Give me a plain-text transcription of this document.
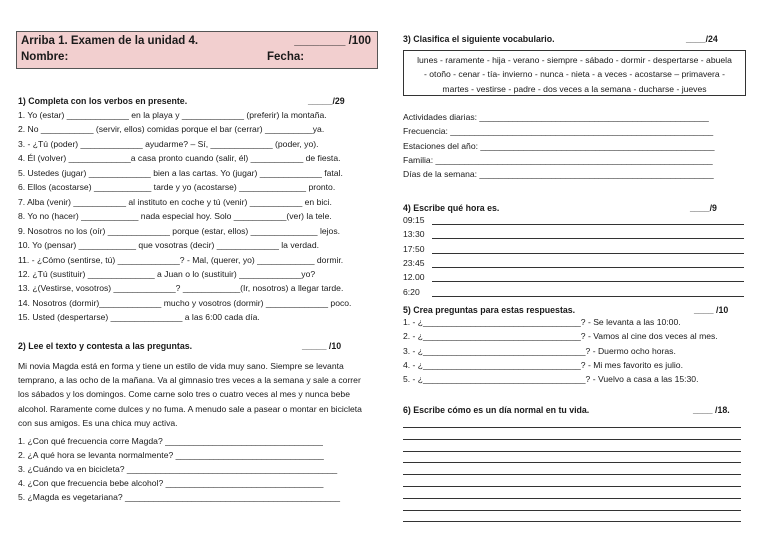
Arriba 1. Examen de la unidad 4.	________ /100
Nombre:	Fecha:
1) Completa con los verbos en presente.	_____/29
1. Yo (estar) _____________ en la playa y _____________ (preferir) la montaña.
2. No ___________ (servir, ellos) comidas porque el bar (cerrar) __________ya.
3. - ¿Tú (poder) _____________ ayudarme? – Sí, _____________ (poder, yo).
4. Él (volver) _____________a casa pronto cuando (salir, él) ___________ de fiesta.
5. Ustedes (jugar) _____________ bien a las cartas. Yo (jugar) _____________ fatal.
6. Ellos (acostarse) ____________ tarde y yo (acostarse) ______________ pronto.
7. Alba (venir) ___________ al instituto en coche y tú (venir) ___________ en bici.
8. Yo no (hacer) ____________ nada especial hoy. Solo ___________(ver) la tele.
9. Nosotros no los (oír) _____________ porque (estar, ellos) ______________ lejos.
10. Yo (pensar) ____________ que vosotras (decir) _____________ la verdad.
11. - ¿Cómo (sentirse, tú) _____________? - Mal, (querer, yo) ____________ dormir.
12. ¿Tú (sustituir) ______________ a Juan o lo (sustituir) _____________yo?
13. ¿(Vestirse, vosotros) _____________? ____________(Ir, nosotros) a llegar tarde.
14. Nosotros (dormir)_____________ mucho y vosotros (dormir) _____________ poco.
15. Usted (despertarse) _______________ a las 6:00 cada día.
2) Lee el texto y contesta a las preguntas.	_____ /10
Mi novia Magda está en forma y tiene un estilo de vida muy sano. Siempre se levanta temprano, a las ocho de la mañana. Va al gimnasio tres veces a la semana y sale a correr los sábados y los domingos. Come carne solo tres o cuatro veces al mes y nunca bebe alcohol. Raramente come dulces y no fuma. A menudo sale a pasear o montar en bicicleta con sus amigos. Es una chica muy activa.
1. ¿Con qué frecuencia corre Magda? _________________________________
2. ¿A qué hora se levanta normalmente? _______________________________
3. ¿Cuándo va en bicicleta? ____________________________________________
4. ¿Con que frecuencia bebe alcohol? _________________________________
5. ¿Magda es vegetariana? _____________________________________________
3) Clasifica el siguiente vocabulario.	____/24
lunes - raramente - hija - verano - siempre - sábado - dormir - despertarse - abuela
- otoño - cenar - tía- invierno - nunca - nieta - a veces - acostarse – primavera -
martes - vestirse - padre - dos veces a la semana - ducharse - jueves
Actividades diarias: ________________________________________________
Frecuencia: _______________________________________________________
Estaciones del año: _________________________________________________
Familia: __________________________________________________________
Días de la semana: _________________________________________________
4) Escribe qué hora es.	____/9
09:15
13:30
17:50
23:45
12.00
6:20
5) Crea preguntas para estas respuestas.	____ /10
1. - ¿_________________________________? - Se levanta a las 10:00.
2. - ¿_________________________________? - Vamos al cine dos veces al mes.
3. - ¿__________________________________? - Duermo ocho horas.
4. - ¿_________________________________? - Mi mes favorito es julio.
5. - ¿__________________________________? - Vuelvo a casa a las 15:30.
6) Escribe cómo es un día normal en tu vida.	____ /18.
